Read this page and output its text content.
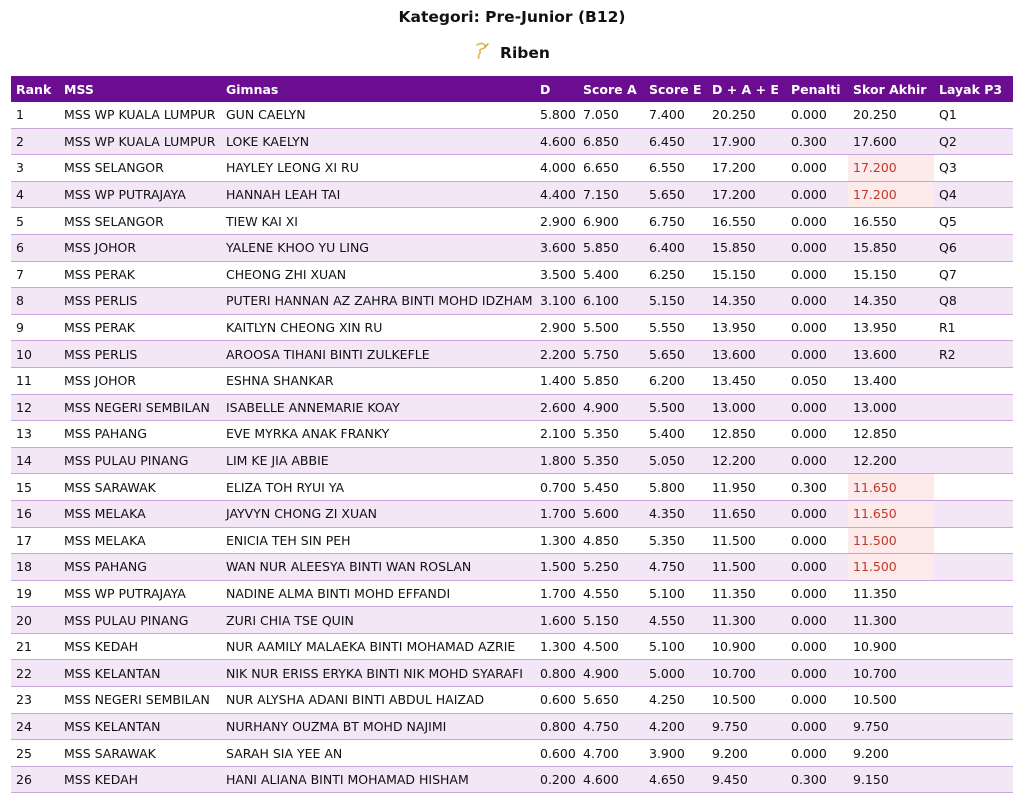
Kategori: Pre-Junior (B12)
Riben
Rank	MSS	Gimnas	D	Score A	Score E	D + A + E	Penalti	Skor Akhir	Layak P3
1	MSS WP KUALA LUMPUR	GUN CAELYN	5.800	7.050	7.400	20.250	0.000	20.250	Q1
2	MSS WP KUALA LUMPUR	LOKE KAELYN	4.600	6.850	6.450	17.900	0.300	17.600	Q2
3	MSS SELANGOR	HAYLEY LEONG XI RU	4.000	6.650	6.550	17.200	0.000	17.200	Q3
4	MSS WP PUTRAJAYA	HANNAH LEAH TAI	4.400	7.150	5.650	17.200	0.000	17.200	Q4
5	MSS SELANGOR	TIEW KAI XI	2.900	6.900	6.750	16.550	0.000	16.550	Q5
6	MSS JOHOR	YALENE KHOO YU LING	3.600	5.850	6.400	15.850	0.000	15.850	Q6
7	MSS PERAK	CHEONG ZHI XUAN	3.500	5.400	6.250	15.150	0.000	15.150	Q7
8	MSS PERLIS	PUTERI HANNAN AZ ZAHRA BINTI MOHD IDZHAM	3.100	6.100	5.150	14.350	0.000	14.350	Q8
9	MSS PERAK	KAITLYN CHEONG XIN RU	2.900	5.500	5.550	13.950	0.000	13.950	R1
10	MSS PERLIS	AROOSA TIHANI BINTI ZULKEFLE	2.200	5.750	5.650	13.600	0.000	13.600	R2
11	MSS JOHOR	ESHNA SHANKAR	1.400	5.850	6.200	13.450	0.050	13.400	
12	MSS NEGERI SEMBILAN	ISABELLE ANNEMARIE KOAY	2.600	4.900	5.500	13.000	0.000	13.000	
13	MSS PAHANG	EVE MYRKA ANAK FRANKY	2.100	5.350	5.400	12.850	0.000	12.850	
14	MSS PULAU PINANG	LIM KE JIA ABBIE	1.800	5.350	5.050	12.200	0.000	12.200	
15	MSS SARAWAK	ELIZA TOH RYUI YA	0.700	5.450	5.800	11.950	0.300	11.650	
16	MSS MELAKA	JAYVYN CHONG ZI XUAN	1.700	5.600	4.350	11.650	0.000	11.650	
17	MSS MELAKA	ENICIA TEH SIN PEH	1.300	4.850	5.350	11.500	0.000	11.500	
18	MSS PAHANG	WAN NUR ALEESYA BINTI WAN ROSLAN	1.500	5.250	4.750	11.500	0.000	11.500	
19	MSS WP PUTRAJAYA	NADINE ALMA BINTI MOHD EFFANDI	1.700	4.550	5.100	11.350	0.000	11.350	
20	MSS PULAU PINANG	ZURI CHIA TSE QUIN	1.600	5.150	4.550	11.300	0.000	11.300	
21	MSS KEDAH	NUR AAMILY MALAEKA BINTI MOHAMAD AZRIE	1.300	4.500	5.100	10.900	0.000	10.900	
22	MSS KELANTAN	NIK NUR ERISS ERYKA BINTI NIK MOHD SYARAFI	0.800	4.900	5.000	10.700	0.000	10.700	
23	MSS NEGERI SEMBILAN	NUR ALYSHA ADANI BINTI ABDUL HAIZAD	0.600	5.650	4.250	10.500	0.000	10.500	
24	MSS KELANTAN	NURHANY OUZMA BT MOHD NAJIMI	0.800	4.750	4.200	9.750	0.000	9.750	
25	MSS SARAWAK	SARAH SIA YEE AN	0.600	4.700	3.900	9.200	0.000	9.200	
26	MSS KEDAH	HANI ALIANA BINTI MOHAMAD HISHAM	0.200	4.600	4.650	9.450	0.300	9.150	
